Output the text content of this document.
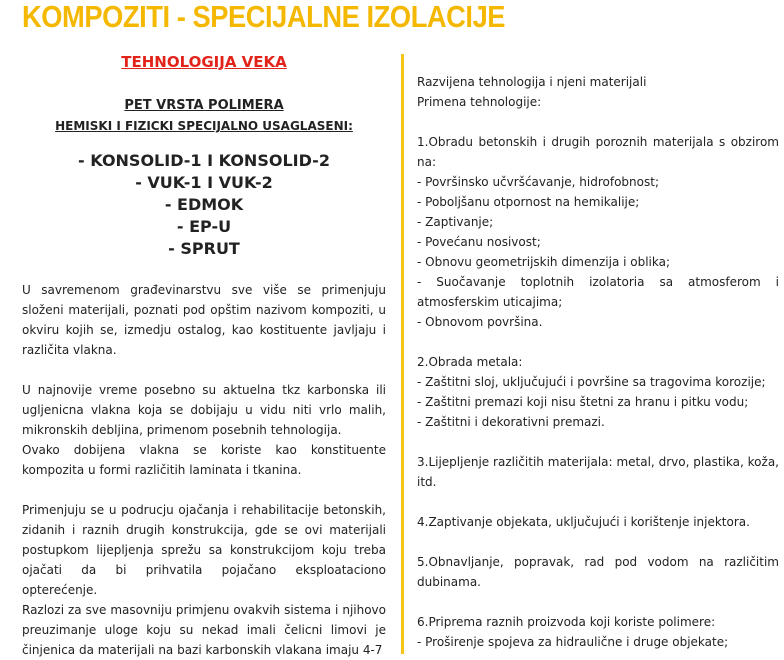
KOMPOZITI - SPECIJALNE IZOLACIJE

TEHNOLOGIJA VEKA

PET VRSTA POLIMERA

HEMISKI I FIZICKI SPECIJALNO USAGLASENI:

- KONSOLID-1 I KONSOLID-2
- VUK-1 I VUK-2
- EDMOK
- EP-U
- SPRUT

U savremenom građevinarstvu sve više se primenjuju složeni materijali, poznati pod opštim nazivom kompoziti, u okviru kojih se, izmedju ostalog, kao kostituente javljaju i različita vlakna.

U najnovije vreme posebno su aktuelna tkz karbonska ili ugljenicna vlakna koja se dobijaju u vidu niti vrlo malih, mikronskih debljina, primenom posebnih tehnologija.

Ovako dobijena vlakna se koriste kao konstituente kompozita u formi različitih laminata i tkanina.

Primenjuju se u podrucju ojačanja i rehabilitacije betonskih, zidanih i raznih drugih konstrukcija, gde se ovi materijali postupkom lijepljenja sprežu sa konstrukcijom koju treba ojačati da bi prihvatila pojačano eksploatacionо opterećenje.

Razlozi za sve masovniju primjenu ovakvih sistema i njihovo preuzimanje uloge koju su nekad imali čelicni limovi je činjenica da materijali na bazi karbonskih vlakana imaju 4-7

Razvijena tehnologija i njeni materijali

Primena tehnologije:

1.Obradu betonskih i drugih poroznih materijala s obzirom na:

- Površinsko učvršćavanje, hidrofobnost;

- Poboljšanu otpornost na hemikalije;

- Zaptivanje;

- Povećanu nosivost;

- Obnovu geometrijskih dimenzija i oblika;

- Suočavanje toplotnih izolatoria sa atmosferom i atmosferskim uticajima;

- Obnovom površina.

2.Obrada metala:

- Zaštitni sloj, uključujući i površine sa tragovima korozije;

- Zaštitni premazi koji nisu štetni za hranu i pitku vodu;

- Zaštitni i dekorativni premazi.

3.Lijepljenje različitih materijala: metal, drvo, plastika, koža, itd.

4.Zaptivanje objekata, uključujući i korištenje injektora.

5.Obnavljanje, popravak, rad pod vodom na različitim dubinama.

6.Priprema raznih proizvoda koji koriste polimere:

- Proširenje spojeva za hidraulične i druge objekate;
